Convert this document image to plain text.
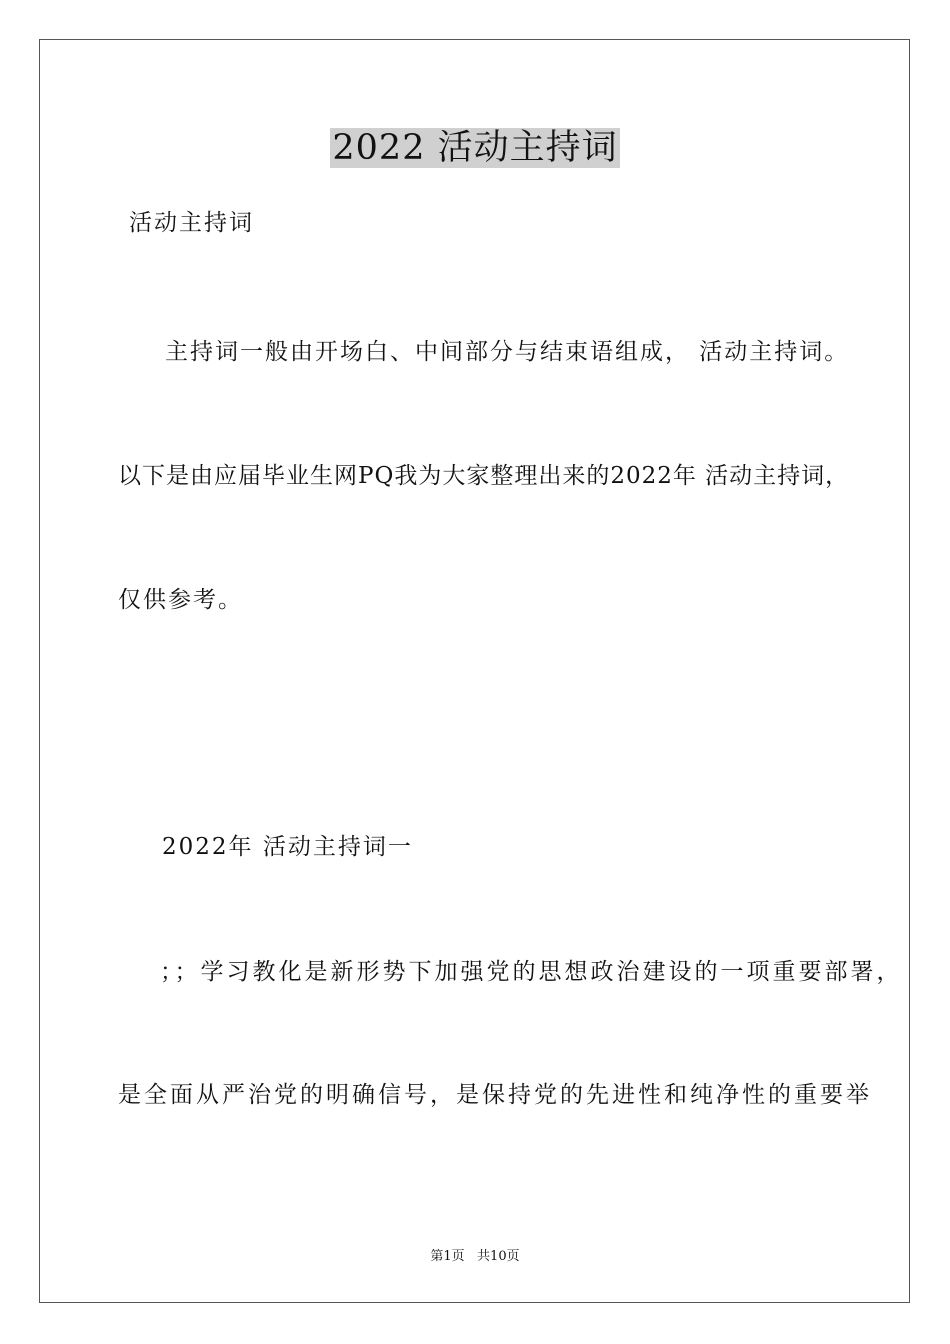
2022 活动主持词
活动主持词
主持词一般由开场白、中间部分与结束语组成， 活动主持词。
以下是由应届毕业生网PQ我为大家整理出来的2022年 活动主持词，
仅供参考。
2022年 活动主持词一
；；学习教化是新形势下加强党的思想政治建设的一项重要部署，
是全面从严治党的明确信号，是保持党的先进性和纯净性的重要举
第1页   共10页
